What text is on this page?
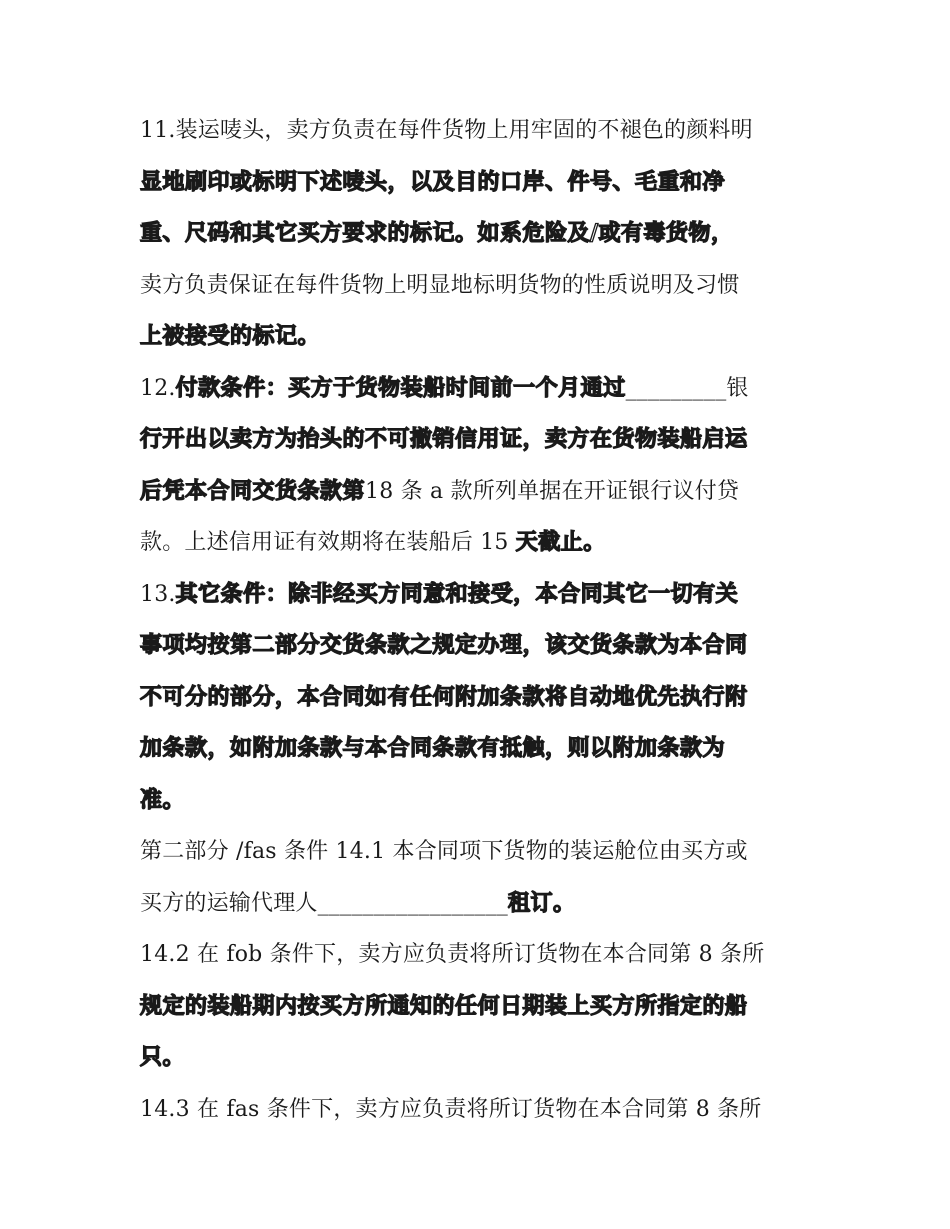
11.装运唛头，卖方负责在每件货物上用牢固的不褪色的颜料明
显地刷印或标明下述唛头，以及目的口岸、件号、毛重和净
重、尺码和其它买方要求的标记。如系危险及/或有毒货物，
卖方负责保证在每件货物上明显地标明货物的性质说明及习惯
上被接受的标记。
12.付款条件：买方于货物装船时间前一个月通过_________银
行开出以卖方为抬头的不可撤销信用证，卖方在货物装船启运
后凭本合同交货条款第18 条 a 款所列单据在开证银行议付贷
款。上述信用证有效期将在装船后 15 天截止。
13.其它条件：除非经买方同意和接受，本合同其它一切有关
事项均按第二部分交货条款之规定办理，该交货条款为本合同
不可分的部分，本合同如有任何附加条款将自动地优先执行附
加条款，如附加条款与本合同条款有抵触，则以附加条款为
准。
第二部分 /fas 条件 14.1 本合同项下货物的装运舱位由买方或
买方的运输代理人_________________租订。
14.2 在 fob 条件下，卖方应负责将所订货物在本合同第 8 条所
规定的装船期内按买方所通知的任何日期装上买方所指定的船
只。
14.3 在 fas 条件下，卖方应负责将所订货物在本合同第 8 条所
